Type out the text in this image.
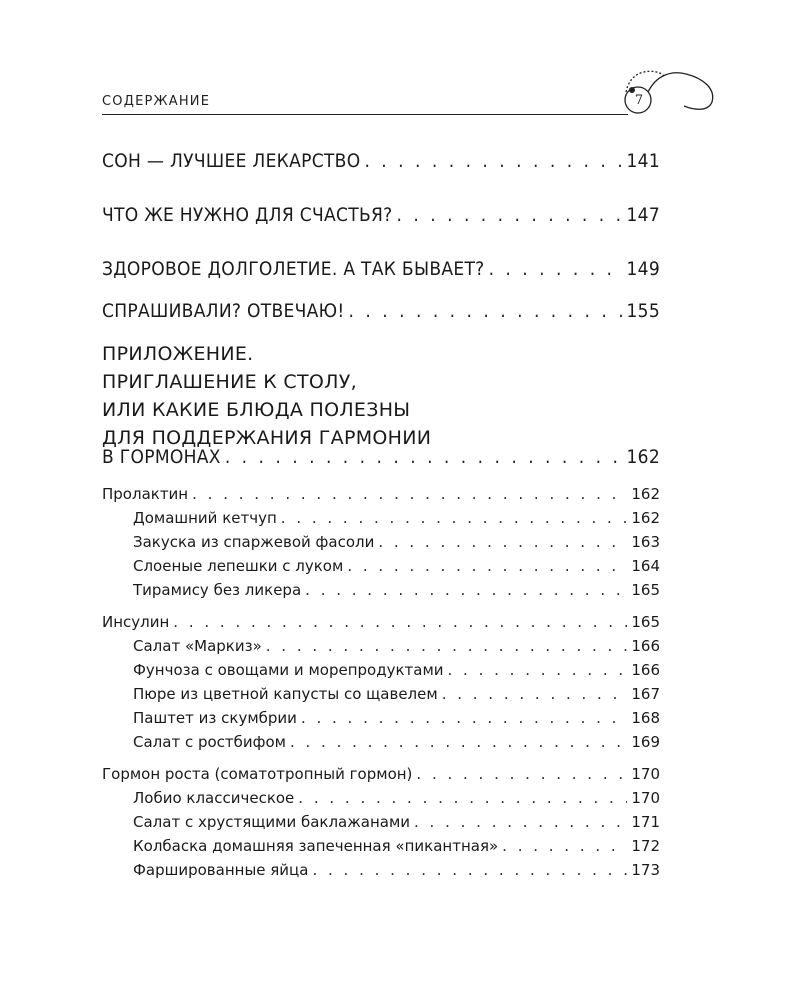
СОДЕРЖАНИЕ	7
СОН — ЛУЧШЕЕ ЛЕКАРСТВО . . .	141
ЧТО ЖЕ НУЖНО ДЛЯ СЧАСТЬЯ? . . .	147
ЗДОРОВОЕ ДОЛГОЛЕТИЕ. А ТАК БЫВАЕТ? . . .	149
СПРАШИВАЛИ? ОТВЕЧАЮ! . . .	155
ПРИЛОЖЕНИЕ.
ПРИГЛАШЕНИЕ К СТОЛУ,
ИЛИ КАКИЕ БЛЮДА ПОЛЕЗНЫ
ДЛЯ ПОДДЕРЖАНИЯ ГАРМОНИИ
В ГОРМОНАХ . . .	162
Пролактин . . .	162
Домашний кетчуп . . .	162
Закуска из спаржевой фасоли . . .	163
Слоеные лепешки с луком . . .	164
Тирамису без ликера . . .	165
Инсулин . . .	165
Салат «Маркиз» . . .	166
Фунчоза с овощами и морепродуктами . . .	166
Пюре из цветной капусты со щавелем . . .	167
Паштет из скумбрии . . .	168
Салат с ростбифом . . .	169
Гормон роста (соматотропный гормон) . . .	170
Лобио классическое . . .	170
Салат с хрустящими баклажанами . . .	171
Колбаска домашняя запеченная «пикантная» . . .	172
Фаршированные яйца . . .	173
